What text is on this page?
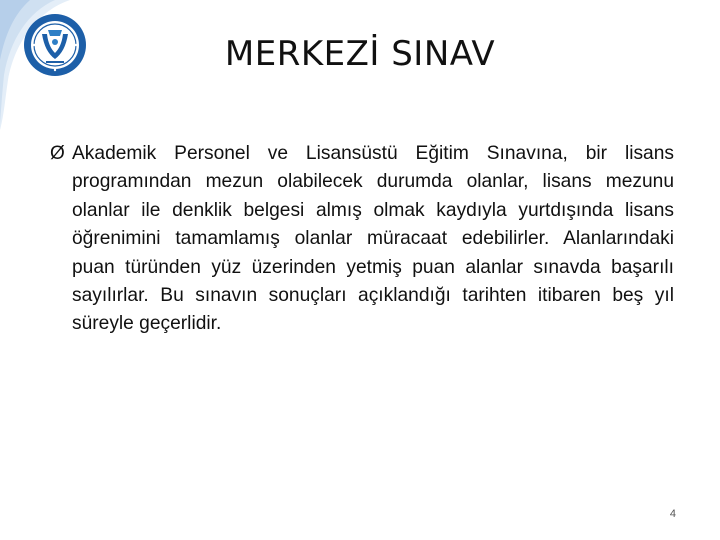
MERKEZİ SINAV
Ø Akademik Personel ve Lisansüstü Eğitim Sınavına, bir lisans programından mezun olabilecek durumda olanlar, lisans mezunu olanlar ile denklik belgesi almış olmak kaydıyla yurtdışında lisans öğrenimini tamamlamış olanlar müracaat edebilirler. Alanlarındaki puan türünden yüz üzerinden yetmiş puan alanlar sınavda başarılı sayılırlar. Bu sınavın sonuçları açıklandığı tarihten itibaren beş yıl süreyle geçerlidir.

4
